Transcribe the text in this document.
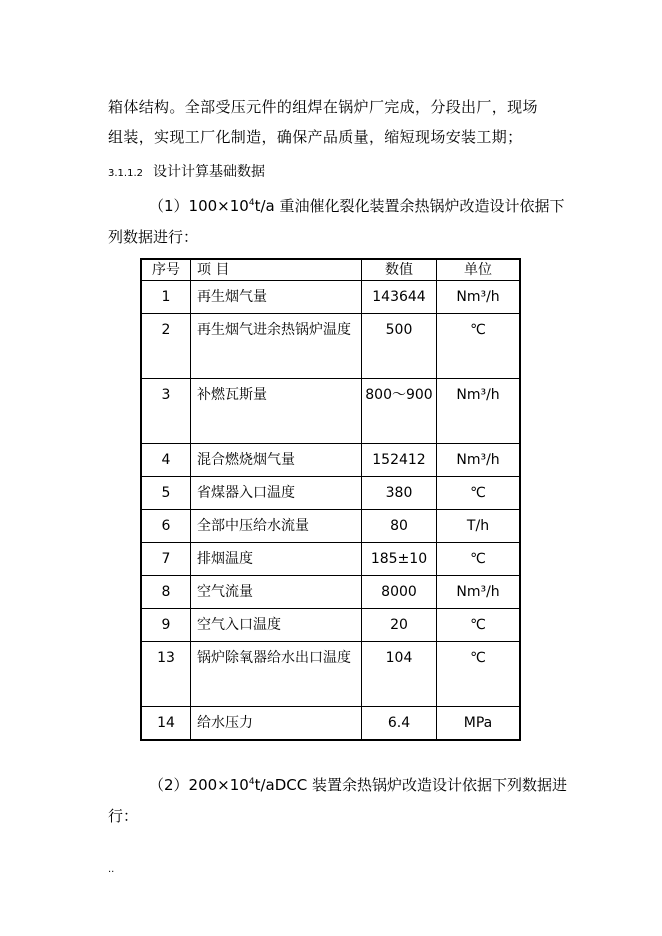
箱体结构。全部受压元件的组焊在锅炉厂完成，分段出厂，现场
组装，实现工厂化制造，确保产品质量，缩短现场安装工期；
3.1.1.2 设计计算基础数据
$(1)100\times 10^4t/a$ 重油催化裂化装置余热锅炉改造设计依据下
列数据进行：
序号	项 目	数值	单位
1	再生烟气量	143644	Nm³/h
2	再生烟气进余热锅炉温度	500	℃
3	补燃瓦斯量	800～900	Nm³/h
4	混合燃烧烟气量	152412	Nm³/h
5	省煤器入口温度	380	℃
6	全部中压给水流量	80	T/h
7	排烟温度	185±10	℃
8	空气流量	8000	Nm³/h
9	空气入口温度	20	℃
13	锅炉除氧器给水出口温度	104	℃
14	给水压力	6.4	MPa
$(2)200\times 10^4t$/aDCC 装置余热锅炉改造设计依据下列数据进
行：
..
